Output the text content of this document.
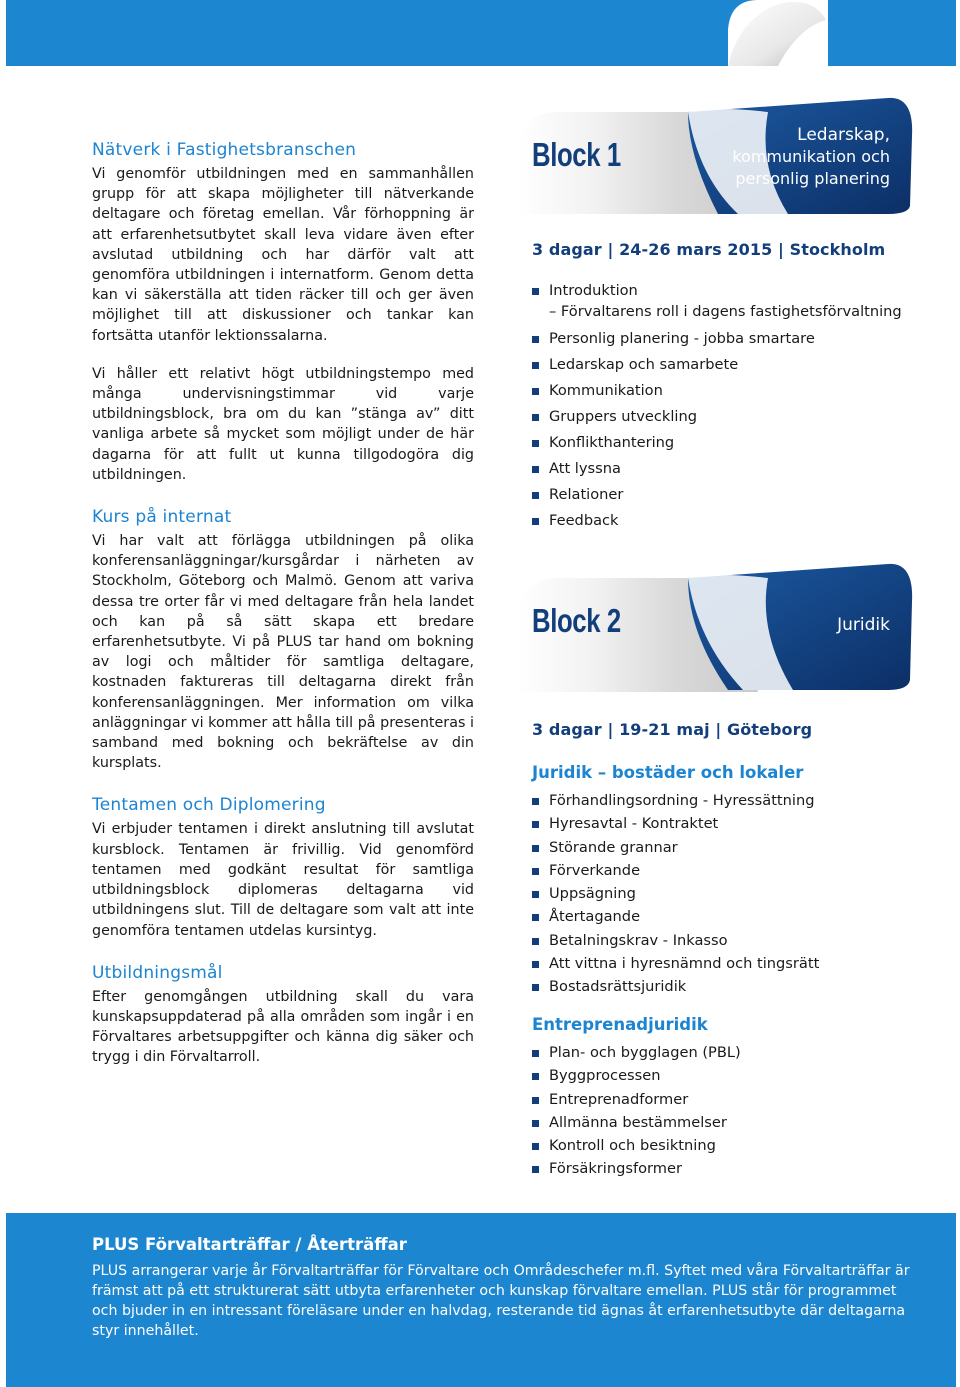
Nätverk i Fastighetsbranschen

Vi genomför utbildningen med en sammanhållen grupp för att skapa möjligheter till nätverkande deltagare och företag emellan. Vår förhoppning är att erfarenhetsutbytet skall leva vidare även efter avslutad utbildning och har därför valt att genomföra utbildningen i internatform. Genom detta kan vi säkerställa att tiden räcker till och ger även möjlighet till att diskussioner och tankar kan fortsätta utanför lektionssalarna.

Vi håller ett relativt högt utbildningstempo med många undervisningstimmar vid varje utbildningsblock, bra om du kan ”stänga av” ditt vanliga arbete så mycket som möjligt under de här dagarna för att fullt ut kunna tillgodogöra dig utbildningen.

Kurs på internat

Vi har valt att förlägga utbildningen på olika konferensanläggningar/kursgårdar i närheten av Stockholm, Göteborg och Malmö. Genom att variva dessa tre orter får vi med deltagare från hela landet och kan på så sätt skapa ett bredare erfarenhetsutbyte. Vi på PLUS tar hand om bokning av logi och måltider för samtliga deltagare, kostnaden faktureras till deltagarna direkt från konferensanläggningen. Mer information om vilka anläggningar vi kommer att hålla till på presenteras i samband med bokning och bekräftelse av din kursplats.

Tentamen och Diplomering

Vi erbjuder tentamen i direkt anslutning till avslutat kursblock. Tentamen är frivillig. Vid genomförd tentamen med godkänt resultat för samtliga utbildningsblock diplomeras deltagarna vid utbildningens slut. Till de deltagare som valt att inte genomföra tentamen utdelas kursintyg.

Utbildningsmål

Efter genomgången utbildning skall du vara kunskapsuppdaterad på alla områden som ingår i en Förvaltares arbetsuppgifter och känna dig säker och trygg i din Förvaltarroll.

Block 1
Ledarskap,
kommunikation och
personlig planering
3 dagar | 24-26 mars 2015 | Stockholm
Introduktion
– Förvaltarens roll i dagens fastighetsförvaltning
Personlig planering - jobba smartare
Ledarskap och samarbete
Kommunikation
Gruppers utveckling
Konflikthantering
Att lyssna
Relationer
Feedback
Block 2	Juridik
3 dagar | 19-21 maj | Göteborg
Juridik – bostäder och lokaler
Förhandlingsordning - Hyressättning
Hyresavtal - Kontraktet
Störande grannar
Förverkande
Uppsägning
Återtagande
Betalningskrav - Inkasso
Att vittna i hyresnämnd och tingsrätt
Bostadsrättsjuridik
Entreprenadjuridik
Plan- och bygglagen (PBL)
Byggprocessen
Entreprenadformer
Allmänna bestämmelser
Kontroll och besiktning
Försäkringsformer
PLUS Förvaltarträffar / Återträffar

PLUS arrangerar varje år Förvaltarträffar för Förvaltare och Områdeschefer m.fl. Syftet med våra Förvaltarträffar är främst att på ett strukturerat sätt utbyta erfarenheter och kunskap förvaltare emellan. PLUS står för programmet och bjuder in en intressant föreläsare under en halvdag, resterande tid ägnas åt erfarenhetsutbyte där deltagarna styr innehållet.
